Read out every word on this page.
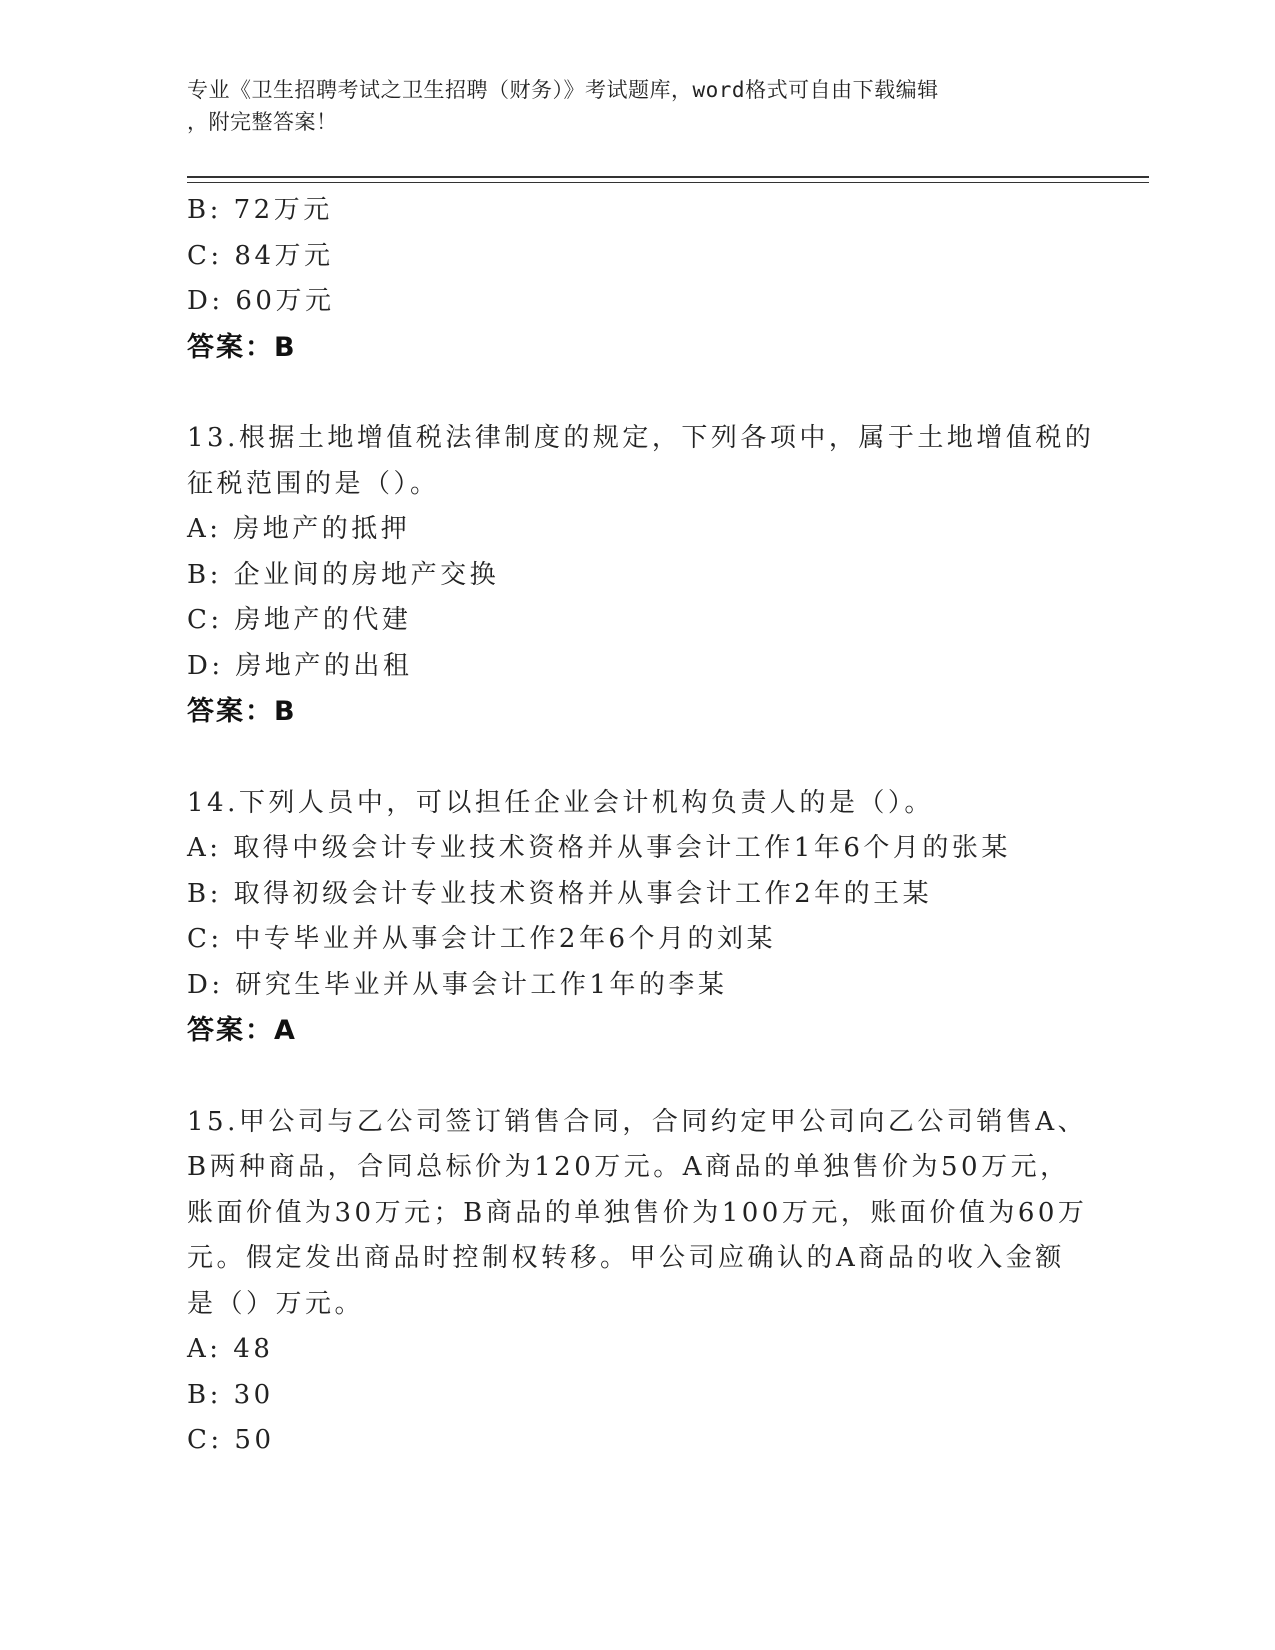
专业《卫生招聘考试之卫生招聘（财务）》考试题库，word格式可自由下载编辑
，附完整答案！
B: 72万元
C: 84万元
D: 60万元
答案：B
13.根据土地增值税法律制度的规定，下列各项中，属于土地增值税的
征税范围的是（）。
A: 房地产的抵押
B: 企业间的房地产交换
C: 房地产的代建
D: 房地产的出租
答案：B
14.下列人员中，可以担任企业会计机构负责人的是（）。
A: 取得中级会计专业技术资格并从事会计工作1年6个月的张某
B: 取得初级会计专业技术资格并从事会计工作2年的王某
C: 中专毕业并从事会计工作2年6个月的刘某
D: 研究生毕业并从事会计工作1年的李某
答案：A
15.甲公司与乙公司签订销售合同，合同约定甲公司向乙公司销售A、
B两种商品，合同总标价为120万元。A商品的单独售价为50万元，
账面价值为30万元；B商品的单独售价为100万元，账面价值为60万
元。假定发出商品时控制权转移。甲公司应确认的A商品的收入金额
是（）万元。
A: 48
B: 30
C: 50
